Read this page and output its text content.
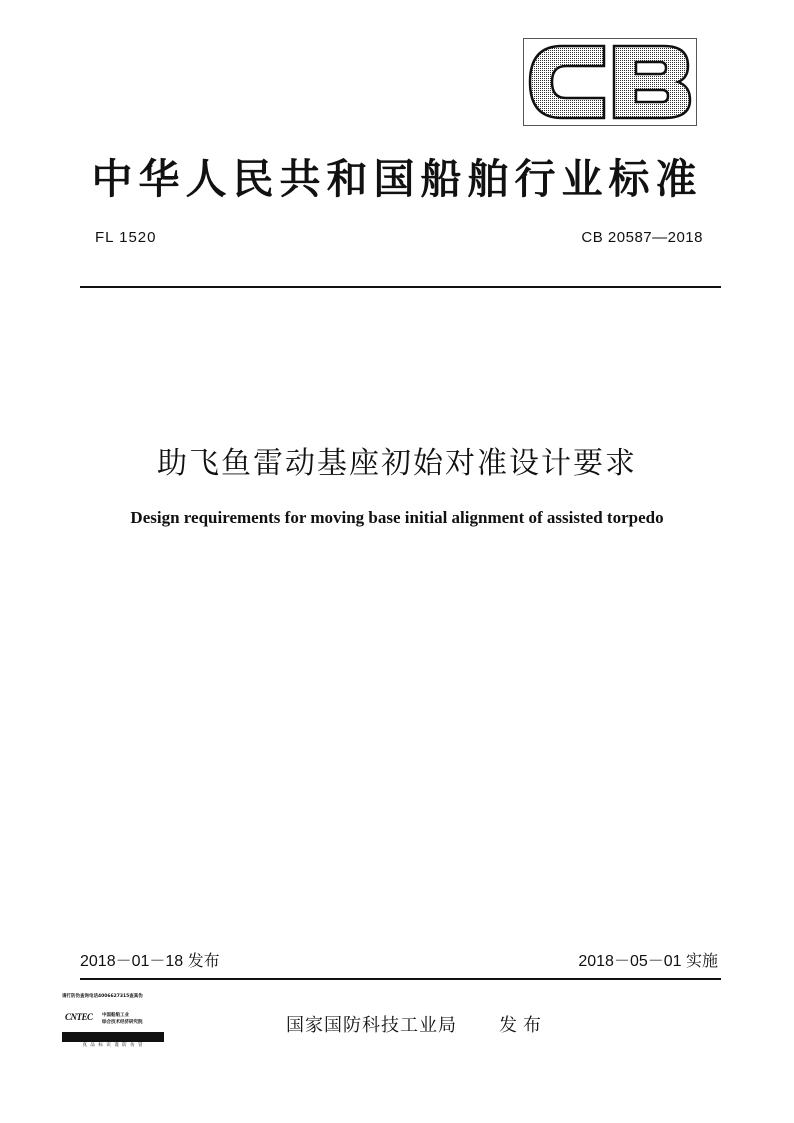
中华人民共和国船舶行业标准
FL 1520	CB 20587—2018
助飞鱼雷动基座初始对准设计要求
Design requirements for moving base initial alignment of assisted torpedo
2018－01－18 发布	2018－05－01 实施
请打防伪查询电话4006627315查真伪
CNTEC 中国船舶工业
综合技术经济研究院
真 品 标 识 谨 防 仿 冒
国家国防科技工业局 发布
